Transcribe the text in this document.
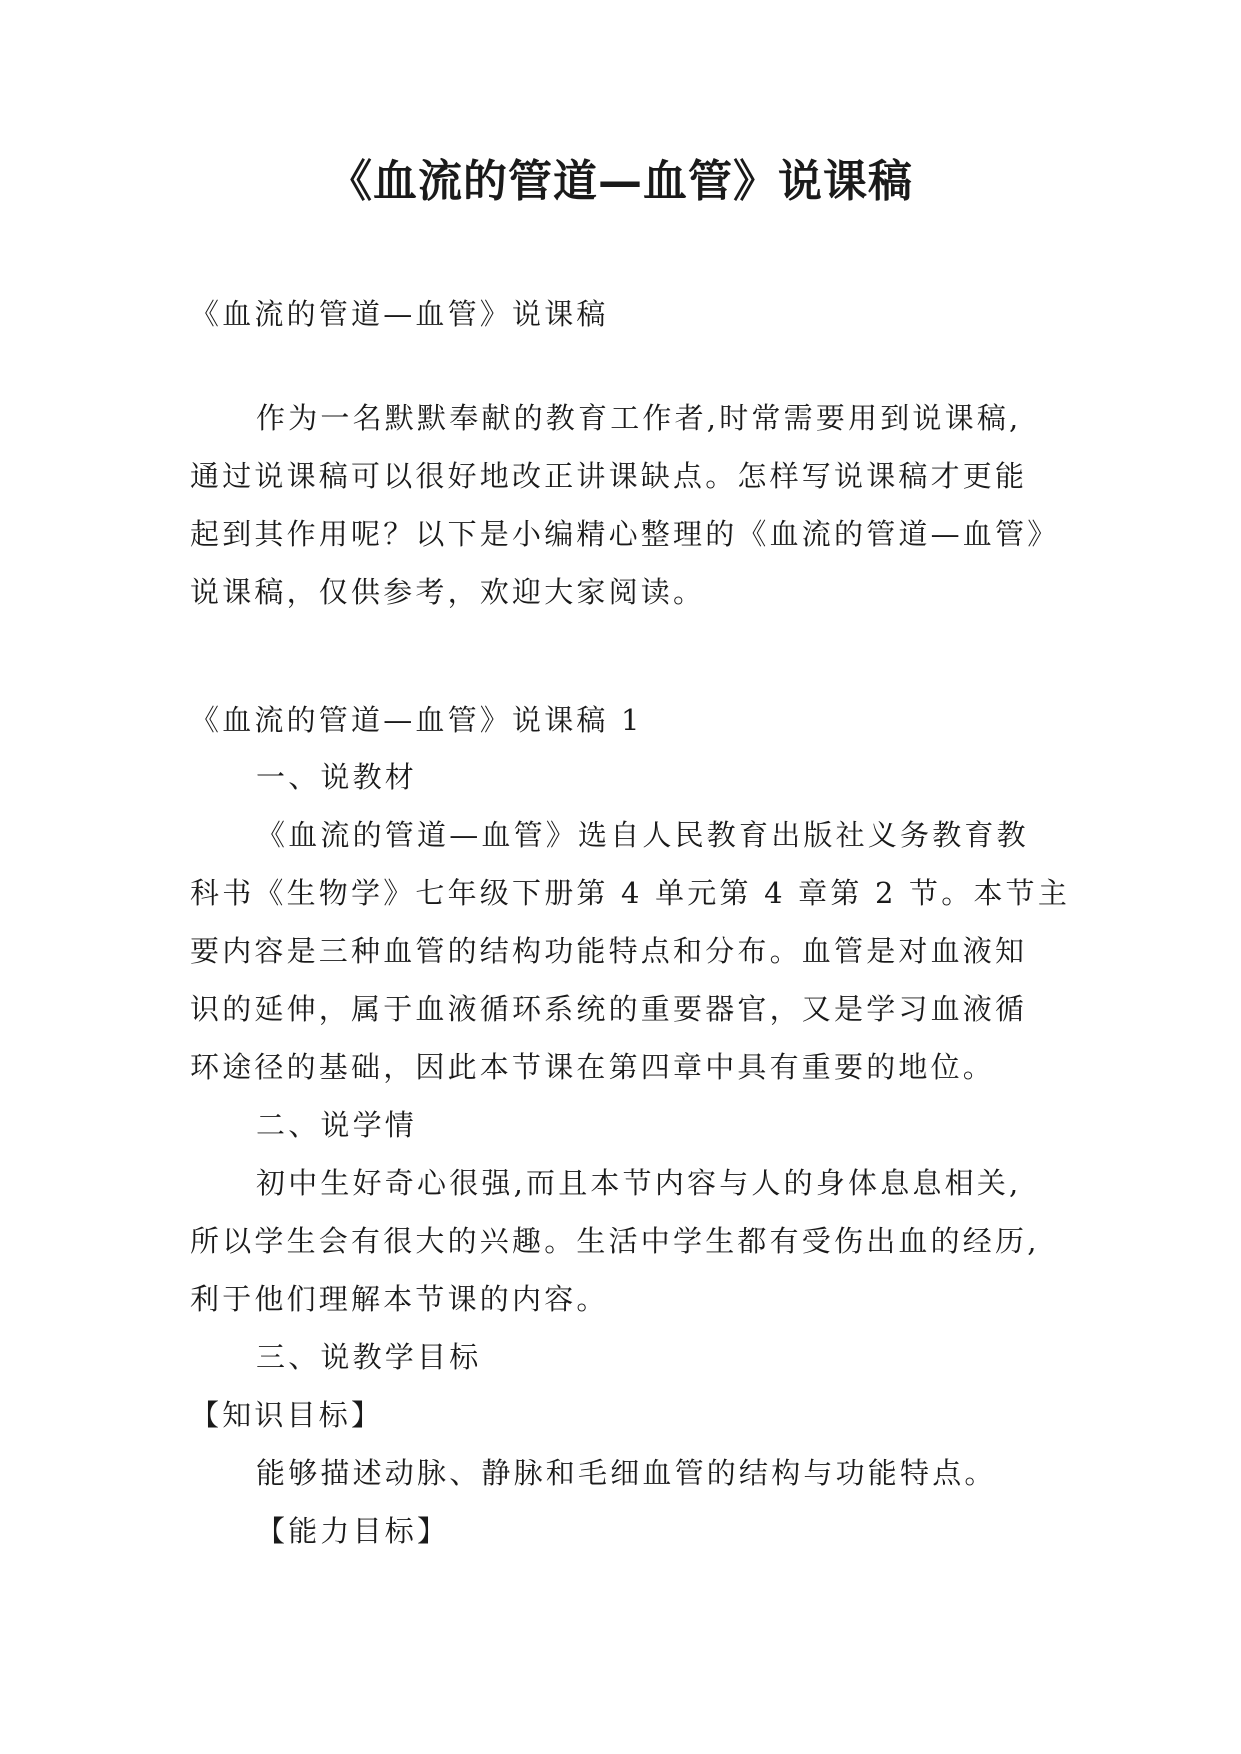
《血流的管道—血管》说课稿
《血流的管道—血管》说课稿
作为一名默默奉献的教育工作者,时常需要用到说课稿,
通过说课稿可以很好地改正讲课缺点。怎样写说课稿才更能
起到其作用呢？以下是小编精心整理的《血流的管道—血管》
说课稿，仅供参考，欢迎大家阅读。
《血流的管道—血管》说课稿 1
一、说教材
《血流的管道—血管》选自人民教育出版社义务教育教
科书《生物学》七年级下册第 4 单元第 4 章第 2 节。本节主
要内容是三种血管的结构功能特点和分布。血管是对血液知
识的延伸，属于血液循环系统的重要器官，又是学习血液循
环途径的基础，因此本节课在第四章中具有重要的地位。
二、说学情
初中生好奇心很强,而且本节内容与人的身体息息相关,
所以学生会有很大的兴趣。生活中学生都有受伤出血的经历,
利于他们理解本节课的内容。
三、说教学目标
【知识目标】
能够描述动脉、静脉和毛细血管的结构与功能特点。
【能力目标】
